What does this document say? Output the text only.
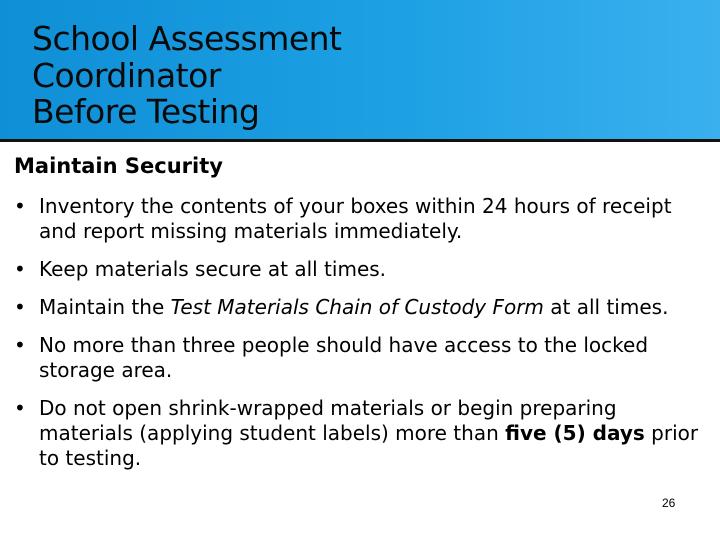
School Assessment
Coordinator
Before Testing
Maintain Security
• Inventory the contents of your boxes within 24 hours of receipt and report missing materials immediately.
• Keep materials secure at all times.
• Maintain the Test Materials Chain of Custody Form at all times.
• No more than three people should have access to the locked storage area.
• Do not open shrink-wrapped materials or begin preparing materials (applying student labels) more than five (5) days prior to testing.
26
